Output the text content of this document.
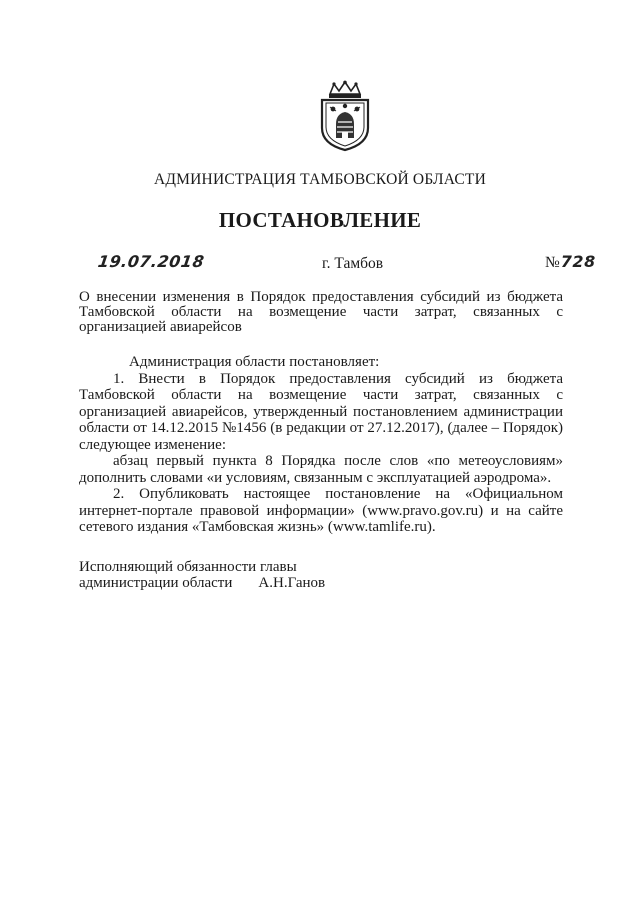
АДМИНИСТРАЦИЯ ТАМБОВСКОЙ ОБЛАСТИ
ПОСТАНОВЛЕНИЕ
19.07.2018	г. Тамбов	№728
О внесении изменения в Порядок предоставления субсидий из бюджета Тамбовской области на возмещение части затрат, связанных с организацией авиарейсов

Администрация области постановляет:

1. Внести в Порядок предоставления субсидий из бюджета Тамбовской области на возмещение части затрат, связанных с организацией авиарейсов, утвержденный постановлением администрации области от 14.12.2015 №1456 (в редакции от 27.12.2017), (далее – Порядок) следующее изменение:

абзац первый пункта 8 Порядка после слов «по метеоусловиям» дополнить словами «и условиям, связанным с эксплуатацией аэродрома».

2. Опубликовать настоящее постановление на «Официальном интернет-портале правовой информации» (www.pravo.gov.ru) и на сайте сетевого издания «Тамбовская жизнь» (www.tamlife.ru).

Исполняющий обязанности главы
администрации области А.Н.Ганов
